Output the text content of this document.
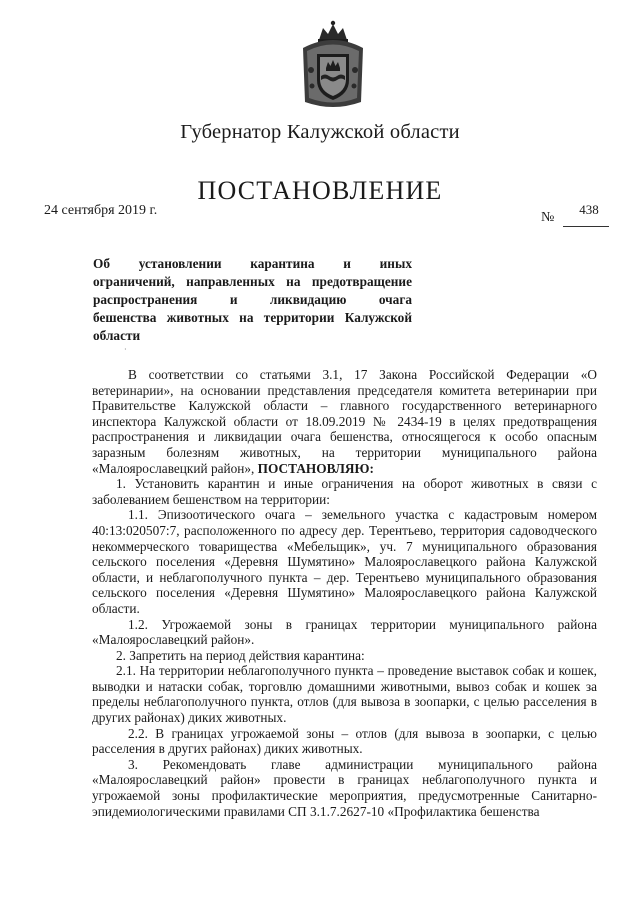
Губернатор Калужской области
ПОСТАНОВЛЕНИЕ
24 сентября 2019 г.	№
438
Об установлении карантина и иных
ограничений, направленных на предотвращение
распространения и ликвидацию очага
бешенства животных на территории Калужской
области
·

В соответствии со статьями 3.1, 17 Закона Российской Федерации «О ветеринарии», на основании представления председателя комитета ветеринарии при Правительстве Калужской области – главного государственного ветеринарного инспектора Калужской области от 18.09.2019 № 2434-19 в целях предотвращения распространения и ликвидации очага бешенства, относящегося к особо опасным заразным болезням животных, на территории муниципального района «Малоярославецкий район», ПОСТАНОВЛЯЮ:

1. Установить карантин и иные ограничения на оборот животных в связи с заболеванием бешенством на территории:

1.1. Эпизоотического очага – земельного участка с кадастровым номером 40:13:020507:7, расположенного по адресу дер. Терентьево, территория садоводческого некоммерческого товарищества «Мебельщик», уч. 7 муниципального образования сельского поселения «Деревня Шумятино» Малоярославецкого района Калужской области, и неблагополучного пункта – дер. Терентьево муниципального образования сельского поселения «Деревня Шумятино» Малоярославецкого района Калужской области.

1.2. Угрожаемой зоны в границах территории муниципального района «Малоярославецкий район».

2. Запретить на период действия карантина:

2.1. На территории неблагополучного пункта – проведение выставок собак и кошек, выводки и натаски собак, торговлю домашними животными, вывоз собак и кошек за пределы неблагополучного пункта, отлов (для вывоза в зоопарки, с целью расселения в других районах) диких животных.

2.2. В границах угрожаемой зоны – отлов (для вывоза в зоопарки, с целью расселения в других районах) диких животных.

3. Рекомендовать главе администрации муниципального района «Малоярославецкий район» провести в границах неблагополучного пункта и угрожаемой зоны профилактические мероприятия, предусмотренные Санитарно-эпидемиологическими правилами СП 3.1.7.2627-10 «Профилактика бешенства
